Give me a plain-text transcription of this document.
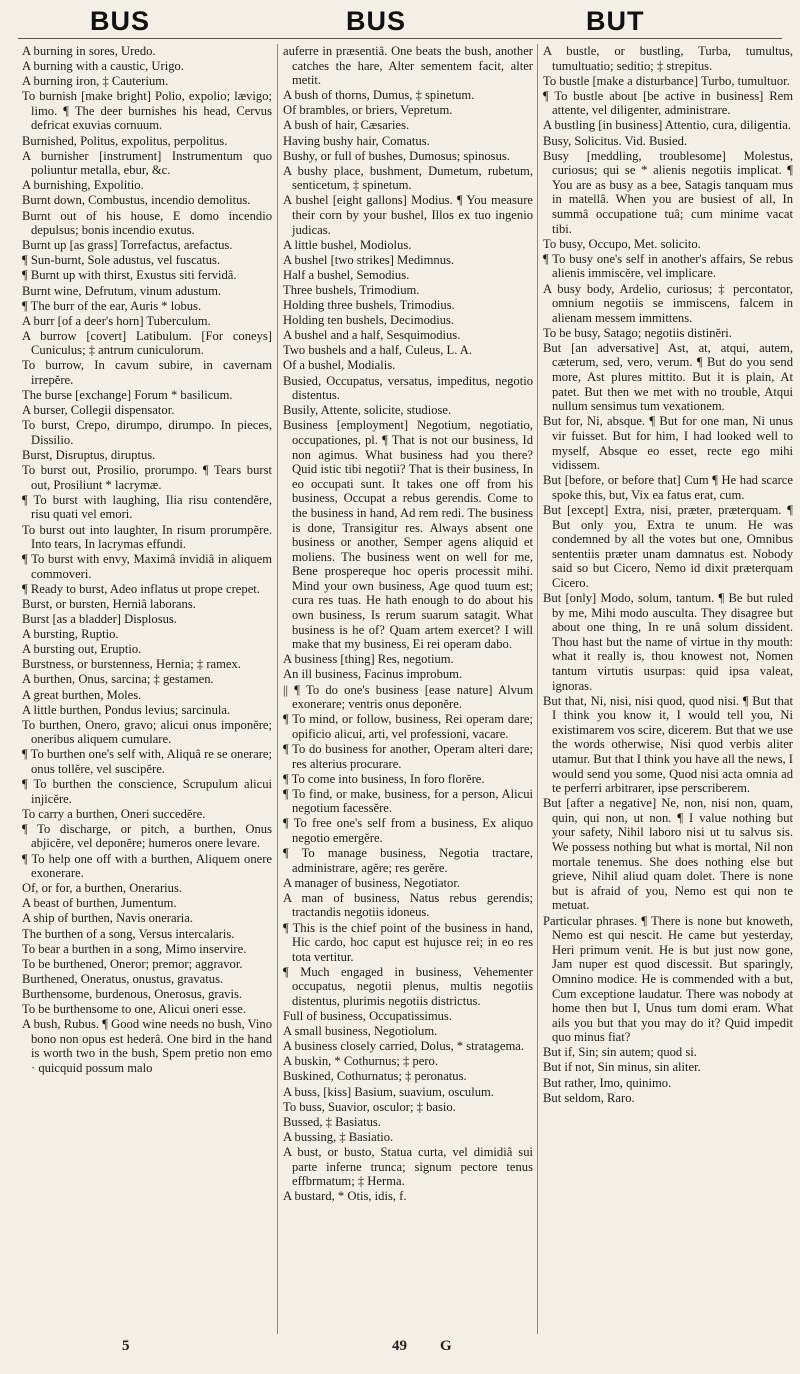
BUS	BUS	BUT

A burning in sores, Uredo.

A burning with a caustic, Urigo.

A burning iron, ‡ Cauterium.

To burnish [make bright] Polio, expolio; lævigo; limo. ¶ The deer burnishes his head, Cervus defricat exuvias cornuum.

Burnished, Politus, expolitus, perpolitus.

A burnisher [instrument] Instrumentum quo poliuntur metalla, ebur, &c.

A burnishing, Expolitio.

Burnt down, Combustus, incendio demolitus.

Burnt out of his house, E domo incendio depulsus; bonis incendio exutus.

Burnt up [as grass] Torrefactus, arefactus.

¶ Sun-burnt, Sole adustus, vel fuscatus.

¶ Burnt up with thirst, Exustus siti fervidâ.

Burnt wine, Defrutum, vinum adustum.

¶ The burr of the ear, Auris * lobus.

A burr [of a deer's horn] Tuberculum.

A burrow [covert] Latibulum. [For coneys] Cuniculus; ‡ antrum cuniculorum.

To burrow, In cavum subire, in cavernam irrepĕre.

The burse [exchange] Forum * basilicum.

A burser, Collegii dispensator.

To burst, Crepo, dirumpo, dirumpo. In pieces, Dissilio.

Burst, Disruptus, diruptus.

To burst out, Prosilio, prorumpo. ¶ Tears burst out, Prosiliunt * lacrymæ.

¶ To burst with laughing, Ilia risu contendĕre, risu quati vel emori.

To burst out into laughter, In risum prorumpĕre. Into tears, In lacrymas effundi.

¶ To burst with envy, Maximâ invidiâ in aliquem commoveri.

¶ Ready to burst, Adeo inflatus ut prope crepet.

Burst, or bursten, Herniâ laborans.

Burst [as a bladder] Displosus.

A bursting, Ruptio.

A bursting out, Eruptio.

Burstness, or burstenness, Hernia; ‡ ramex.

A burthen, Onus, sarcina; ‡ gestamen.

A great burthen, Moles.

A little burthen, Pondus levius; sarcinula.

To burthen, Onero, gravo; alicui onus imponĕre; oneribus aliquem cumulare.

¶ To burthen one's self with, Aliquâ re se onerare; onus tollĕre, vel suscipĕre.

¶ To burthen the conscience, Scrupulum alicui injicĕre.

To carry a burthen, Oneri succedĕre.

¶ To discharge, or pitch, a burthen, Onus abjicĕre, vel deponĕre; humeros onere levare.

¶ To help one off with a burthen, Aliquem onere exonerare.

Of, or for, a burthen, Onerarius.

A beast of burthen, Jumentum.

A ship of burthen, Navis oneraria.

The burthen of a song, Versus intercalaris.

To bear a burthen in a song, Mimo inservire.

To be burthened, Oneror; premor; aggravor.

Burthened, Oneratus, onustus, gravatus.

Burthensome, burdenous, Onerosus, gravis.

To be burthensome to one, Alicui oneri esse.

A bush, Rubus. ¶ Good wine needs no bush, Vino bono non opus est hederâ. One bird in the hand is worth two in the bush, Spem pretio non emo · quicquid possum malo

auferre in præsentiâ. One beats the bush, another catches the hare, Alter sementem facit, alter metit.

A bush of thorns, Dumus, ‡ spinetum.

Of brambles, or briers, Vepretum.

A bush of hair, Cæsaries.

Having bushy hair, Comatus.

Bushy, or full of bushes, Dumosus; spinosus.

A bushy place, bushment, Dumetum, rubetum, senticetum, ‡ spinetum.

A bushel [eight gallons] Modius. ¶ You measure their corn by your bushel, Illos ex tuo ingenio judicas.

A little bushel, Modiolus.

A bushel [two strikes] Medimnus.

Half a bushel, Semodius.

Three bushels, Trimodium.

Holding three bushels, Trimodius.

Holding ten bushels, Decimodius.

A bushel and a half, Sesquimodius.

Two bushels and a half, Culeus, L. A.

Of a bushel, Modialis.

Busied, Occupatus, versatus, impeditus, negotio distentus.

Busily, Attente, solicite, studiose.

Business [employment] Negotium, negotiatio, occupationes, pl. ¶ That is not our business, Id non agimus. What business had you there? Quid istic tibi negotii? That is their business, In eo occupati sunt. It takes one off from his business, Occupat a rebus gerendis. Come to the business in hand, Ad rem redi. The business is done, Transigitur res. Always absent one business or another, Semper agens aliquid et moliens. The business went on well for me, Bene prospereque hoc operis processit mihi. Mind your own business, Age quod tuum est; cura res tuas. He hath enough to do about his own business, Is rerum suarum satagit. What business is he of? Quam artem exercet? I will make that my business, Ei rei operam dabo.

A business [thing] Res, negotium.

An ill business, Facinus improbum.

|| ¶ To do one's business [ease nature] Alvum exonerare; ventris onus deponĕre.

¶ To mind, or follow, business, Rei operam dare; opificio alicui, arti, vel professioni, vacare.

¶ To do business for another, Operam alteri dare; res alterius procurare.

¶ To come into business, In foro florĕre.

¶ To find, or make, business, for a person, Alicui negotium facessĕre.

¶ To free one's self from a business, Ex aliquo negotio emergĕre.

¶ To manage business, Negotia tractare, administrare, agĕre; res gerĕre.

A manager of business, Negotiator.

A man of business, Natus rebus gerendis; tractandis negotiis idoneus.

¶ This is the chief point of the business in hand, Hic cardo, hoc caput est hujusce rei; in eo res tota vertitur.

¶ Much engaged in business, Vehementer occupatus, negotii plenus, multis negotiis distentus, plurimis negotiis districtus.

Full of business, Occupatissimus.

A small business, Negotiolum.

A business closely carried, Dolus, * stratagema.

A buskin, * Cothurnus; ‡ pero.

Buskined, Cothurnatus; ‡ peronatus.

A buss, [kiss] Basium, suavium, osculum.

To buss, Suavior, osculor; ‡ basio.

Bussed, ‡ Basiatus.

A bussing, ‡ Basiatio.

A bust, or busto, Statua curta, vel dimidiâ sui parte inferne trunca; signum pectore tenus effbrmatum; ‡ Herma.

A bustard, * Otis, idis, f.

A bustle, or bustling, Turba, tumultus, tumultuatio; seditio; ‡ strepitus.

To bustle [make a disturbance] Turbo, tumultuor.

¶ To bustle about [be active in business] Rem attente, vel diligenter, administrare.

A bustling [in business] Attentio, cura, diligentia.

Busy, Solicitus. Vid. Busied.

Busy [meddling, troublesome] Molestus, curiosus; qui se * alienis negotiis implicat. ¶ You are as busy as a bee, Satagis tanquam mus in matellâ. When you are busiest of all, In summâ occupatione tuâ; cum minime vacat tibi.

To busy, Occupo, Met. solicito.

¶ To busy one's self in another's affairs, Se rebus alienis immiscĕre, vel implicare.

A busy body, Ardelio, curiosus; ‡ percontator, omnium negotiis se immiscens, falcem in alienam messem immittens.

To be busy, Satago; negotiis distinĕri.

But [an adversative] Ast, at, atqui, autem, cæterum, sed, vero, verum. ¶ But do you send more, Ast plures mittito. But it is plain, At patet. But then we met with no trouble, Atqui nullum sensimus tum vexationem.

But for, Ni, absque. ¶ But for one man, Ni unus vir fuisset. But for him, I had looked well to myself, Absque eo esset, recte ego mihi vidissem.

But [before, or before that] Cum ¶ He had scarce spoke this, but, Vix ea fatus erat, cum.

But [except] Extra, nisi, præter, præterquam. ¶ But only you, Extra te unum. He was condemned by all the votes but one, Omnibus sententiis præter unam damnatus est. Nobody said so but Cicero, Nemo id dixit præterquam Cicero.

But [only] Modo, solum, tantum. ¶ Be but ruled by me, Mihi modo ausculta. They disagree but about one thing, In re unâ solum dissident. Thou hast but the name of virtue in thy mouth: what it really is, thou knowest not, Nomen tantum virtutis usurpas: quid ipsa valeat, ignoras.

But that, Ni, nisi, nisi quod, quod nisi. ¶ But that I think you know it, I would tell you, Ni existimarem vos scire, dicerem. But that we use the words otherwise, Nisi quod verbis aliter utamur. But that I think you have all the news, I would send you some, Quod nisi acta omnia ad te perferri arbitrarer, ipse perscriberem.

But [after a negative] Ne, non, nisi non, quam, quin, qui non, ut non. ¶ I value nothing but your safety, Nihil laboro nisi ut tu salvus sis. We possess nothing but what is mortal, Nil non mortale tenemus. She does nothing else but grieve, Nihil aliud quam dolet. There is none but is afraid of you, Nemo est qui non te metuat.

Particular phrases. ¶ There is none but knoweth, Nemo est qui nescit. He came but yesterday, Heri primum venit. He is but just now gone, Jam nuper est quod discessit. But sparingly, Omnino modice. He is commended with a but, Cum exceptione laudatur. There was nobody at home then but I, Unus tum domi eram. What ails you but that you may do it? Quid impedit quo minus fiat?

But if, Sin; sin autem; quod si.

But if not, Sin minus, sin aliter.

But rather, Imo, quinimo.

But seldom, Raro.

5	49 G
